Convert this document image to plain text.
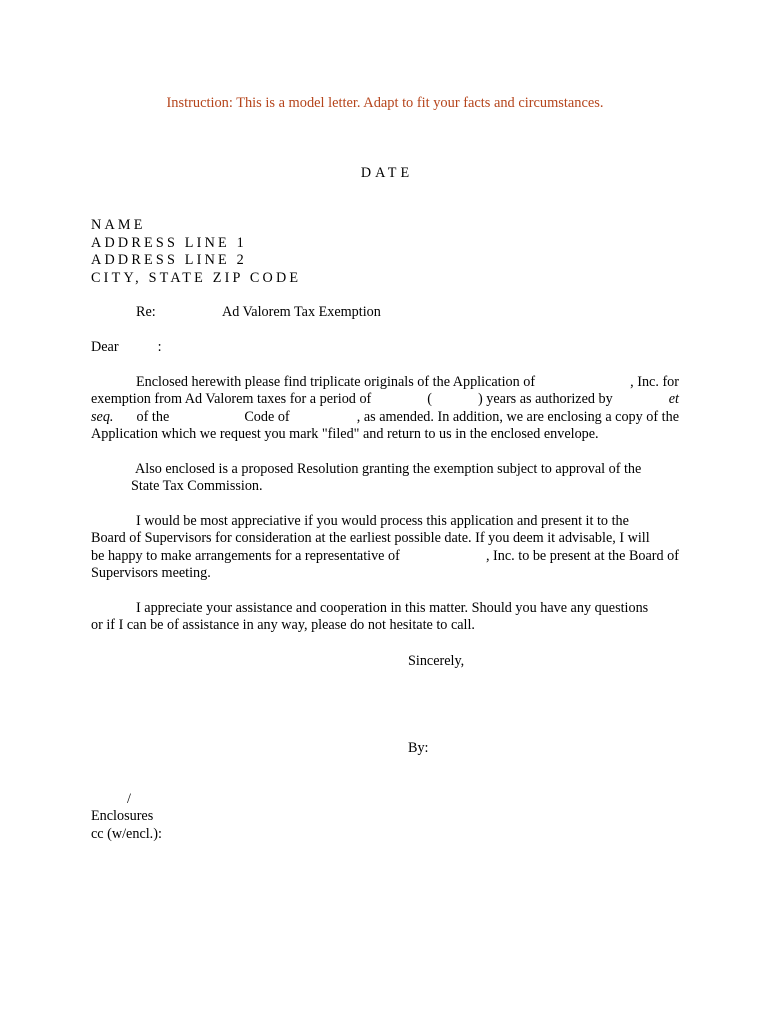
Instruction: This is a model letter. Adapt to fit your facts and circumstances.
DATE
NAME
ADDRESS LINE 1
ADDRESS LINE 2
CITY, STATE ZIP CODE
Re:	Ad Valorem Tax Exemption
Dear	:
Enclosed herewith please find triplicate originals of the Application of	, Inc. for
exemption from Ad Valorem taxes for a period of	(	) years as authorized by	et
seq. of the	Code of	, as amended. In addition, we are enclosing a copy of the
Application which we request you mark "filed" and return to us in the enclosed envelope.
Also enclosed is a proposed Resolution granting the exemption subject to approval of the
State Tax Commission.
I would be most appreciative if you would process this application and present it to the
Board of Supervisors for consideration at the earliest possible date. If you deem it advisable, I will
be happy to make arrangements for a representative of	, Inc. to be present at the Board of
Supervisors meeting.
I appreciate your assistance and cooperation in this matter. Should you have any questions
or if I can be of assistance in any way, please do not hesitate to call.
Sincerely,
By:
/
Enclosures
cc (w/encl.):
